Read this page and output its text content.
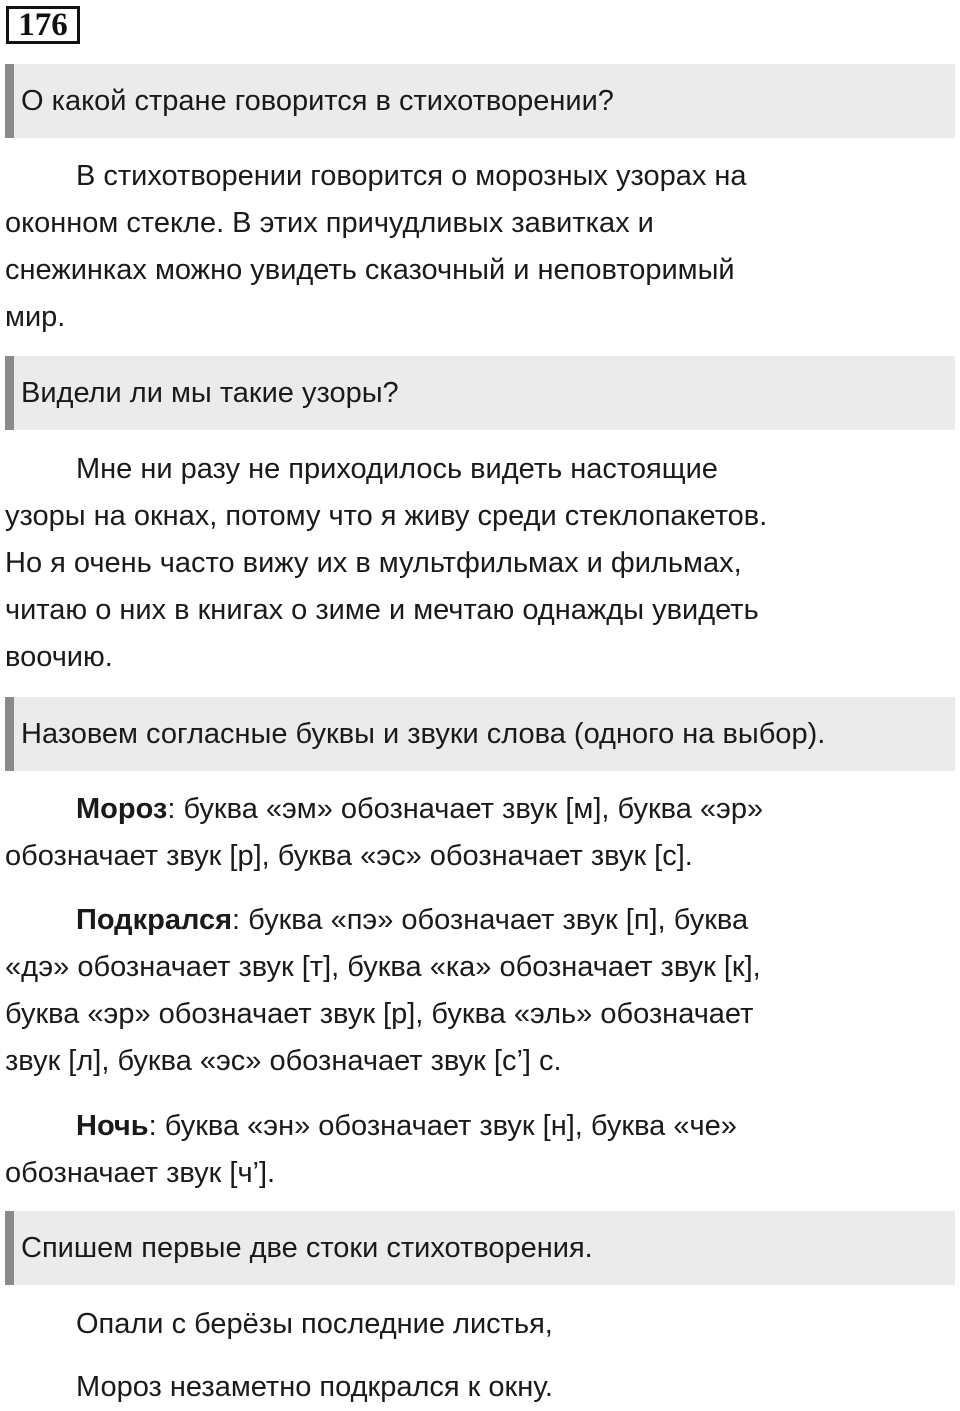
176
О какой стране говорится в стихотворении?
В стихотворении говорится о морозных узорах на
оконном стекле. В этих причудливых завитках и
снежинках можно увидеть сказочный и неповторимый
мир.
Видели ли мы такие узоры?
Мне ни разу не приходилось видеть настоящие
узоры на окнах, потому что я живу среди стеклопакетов.
Но я очень часто вижу их в мультфильмах и фильмах,
читаю о них в книгах о зиме и мечтаю однажды увидеть
воочию.
Назовем согласные буквы и звуки слова (одного на выбор).
Мороз: буква «эм» обозначает звук [м], буква «эр»
обозначает звук [р], буква «эс» обозначает звук [с].
Подкрался: буква «пэ» обозначает звук [п], буква
«дэ» обозначает звук [т], буква «ка» обозначает звук [к],
буква «эр» обозначает звук [р], буква «эль» обозначает
звук [л], буква «эс» обозначает звук [с’] с.
Ночь: буква «эн» обозначает звук [н], буква «че»
обозначает звук [ч’].
Спишем первые две стоки стихотворения.
Опали с берёзы последние листья,
Мороз незаметно подкрался к окну.
